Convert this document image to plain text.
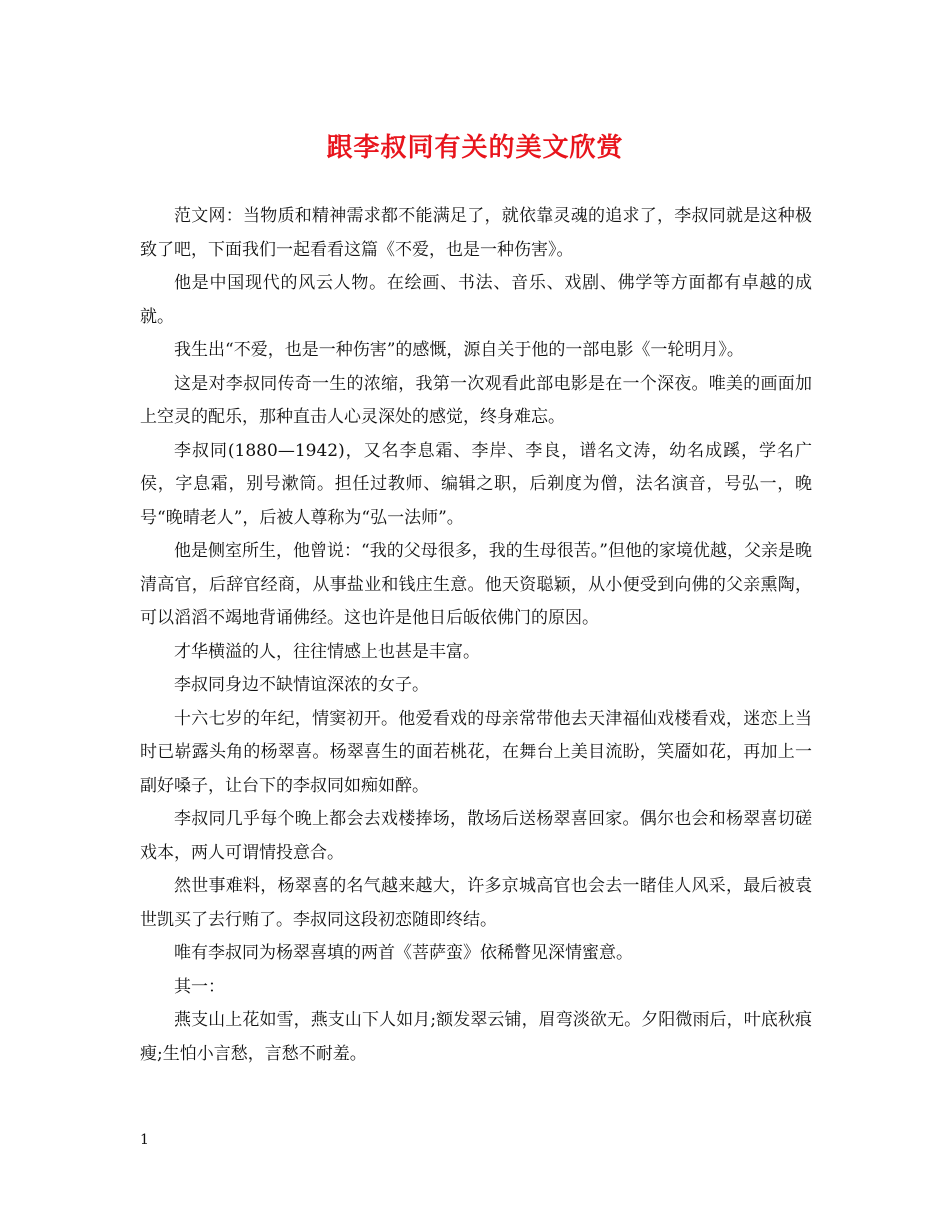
跟李叔同有关的美文欣赏

范文网：当物质和精神需求都不能满足了，就依靠灵魂的追求了，李叔同就是这种极致了吧，下面我们一起看看这篇《不爱，也是一种伤害》。

他是中国现代的风云人物。在绘画、书法、音乐、戏剧、佛学等方面都有卓越的成就。

我生出“不爱，也是一种伤害”的感慨，源自关于他的一部电影《一轮明月》。

这是对李叔同传奇一生的浓缩，我第一次观看此部电影是在一个深夜。唯美的画面加上空灵的配乐，那种直击人心灵深处的感觉，终身难忘。

李叔同(1880—1942)，又名李息霜、李岸、李良，谱名文涛，幼名成蹊，学名广侯，字息霜，别号漱筒。担任过教师、编辑之职，后剃度为僧，法名演音，号弘一，晚号“晚晴老人”，后被人尊称为“弘一法师”。

他是侧室所生，他曾说：“我的父母很多，我的生母很苦。”但他的家境优越，父亲是晚清高官，后辞官经商，从事盐业和钱庄生意。他天资聪颖，从小便受到向佛的父亲熏陶，可以滔滔不竭地背诵佛经。这也许是他日后皈依佛门的原因。

才华横溢的人，往往情感上也甚是丰富。

李叔同身边不缺情谊深浓的女子。

十六七岁的年纪，情窦初开。他爱看戏的母亲常带他去天津福仙戏楼看戏，迷恋上当时已崭露头角的杨翠喜。杨翠喜生的面若桃花，在舞台上美目流盼，笑靥如花，再加上一副好嗓子，让台下的李叔同如痴如醉。

李叔同几乎每个晚上都会去戏楼捧场，散场后送杨翠喜回家。偶尔也会和杨翠喜切磋戏本，两人可谓情投意合。

然世事难料，杨翠喜的名气越来越大，许多京城高官也会去一睹佳人风采，最后被袁世凯买了去行贿了。李叔同这段初恋随即终结。

唯有李叔同为杨翠喜填的两首《菩萨蛮》依稀瞥见深情蜜意。

其一：

燕支山上花如雪，燕支山下人如月;额发翠云铺，眉弯淡欲无。夕阳微雨后，叶底秋痕瘦;生怕小言愁，言愁不耐羞。

1
